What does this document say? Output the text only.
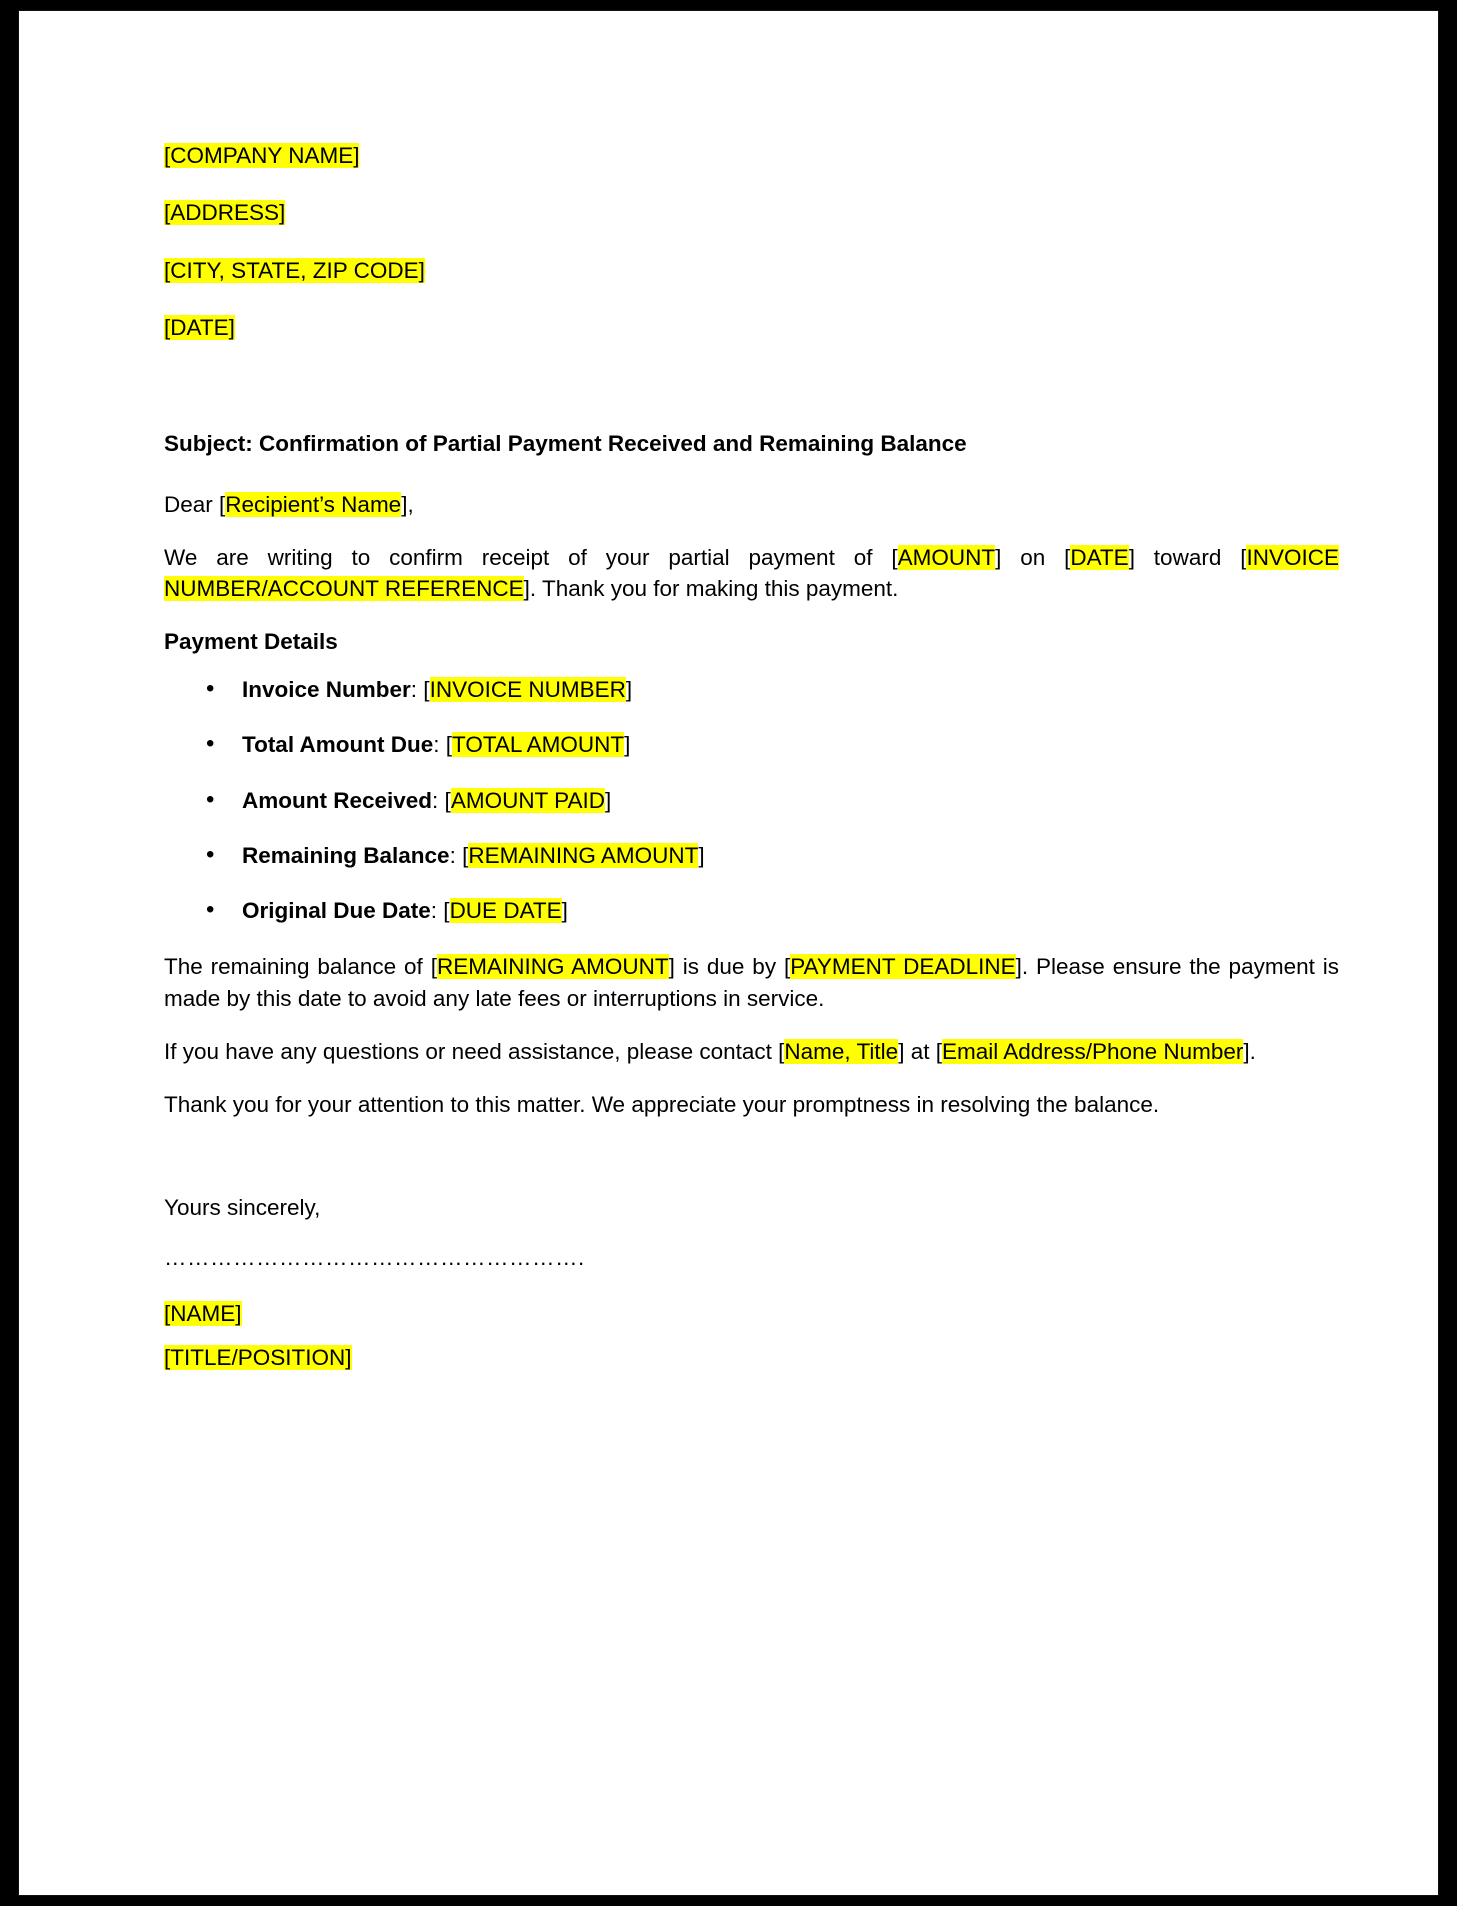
[COMPANY NAME]
[ADDRESS]
[CITY, STATE, ZIP CODE]
[DATE]

Subject: Confirmation of Partial Payment Received and Remaining Balance

Dear [Recipient’s Name],

We are writing to confirm receipt of your partial payment of [AMOUNT] on [DATE] toward [INVOICE NUMBER/ACCOUNT REFERENCE]. Thank you for making this payment.

Payment Details

• Invoice Number: [INVOICE NUMBER]
• Total Amount Due: [TOTAL AMOUNT]
• Amount Received: [AMOUNT PAID]
• Remaining Balance: [REMAINING AMOUNT]
• Original Due Date: [DUE DATE]

The remaining balance of [REMAINING AMOUNT] is due by [PAYMENT DEADLINE]. Please ensure the payment is made by this date to avoid any late fees or interruptions in service.

If you have any questions or need assistance, please contact [Name, Title] at [Email Address/Phone Number].

Thank you for your attention to this matter. We appreciate your promptness in resolving the balance.

Yours sincerely,

……………………………………………….
[NAME]
[TITLE/POSITION]
